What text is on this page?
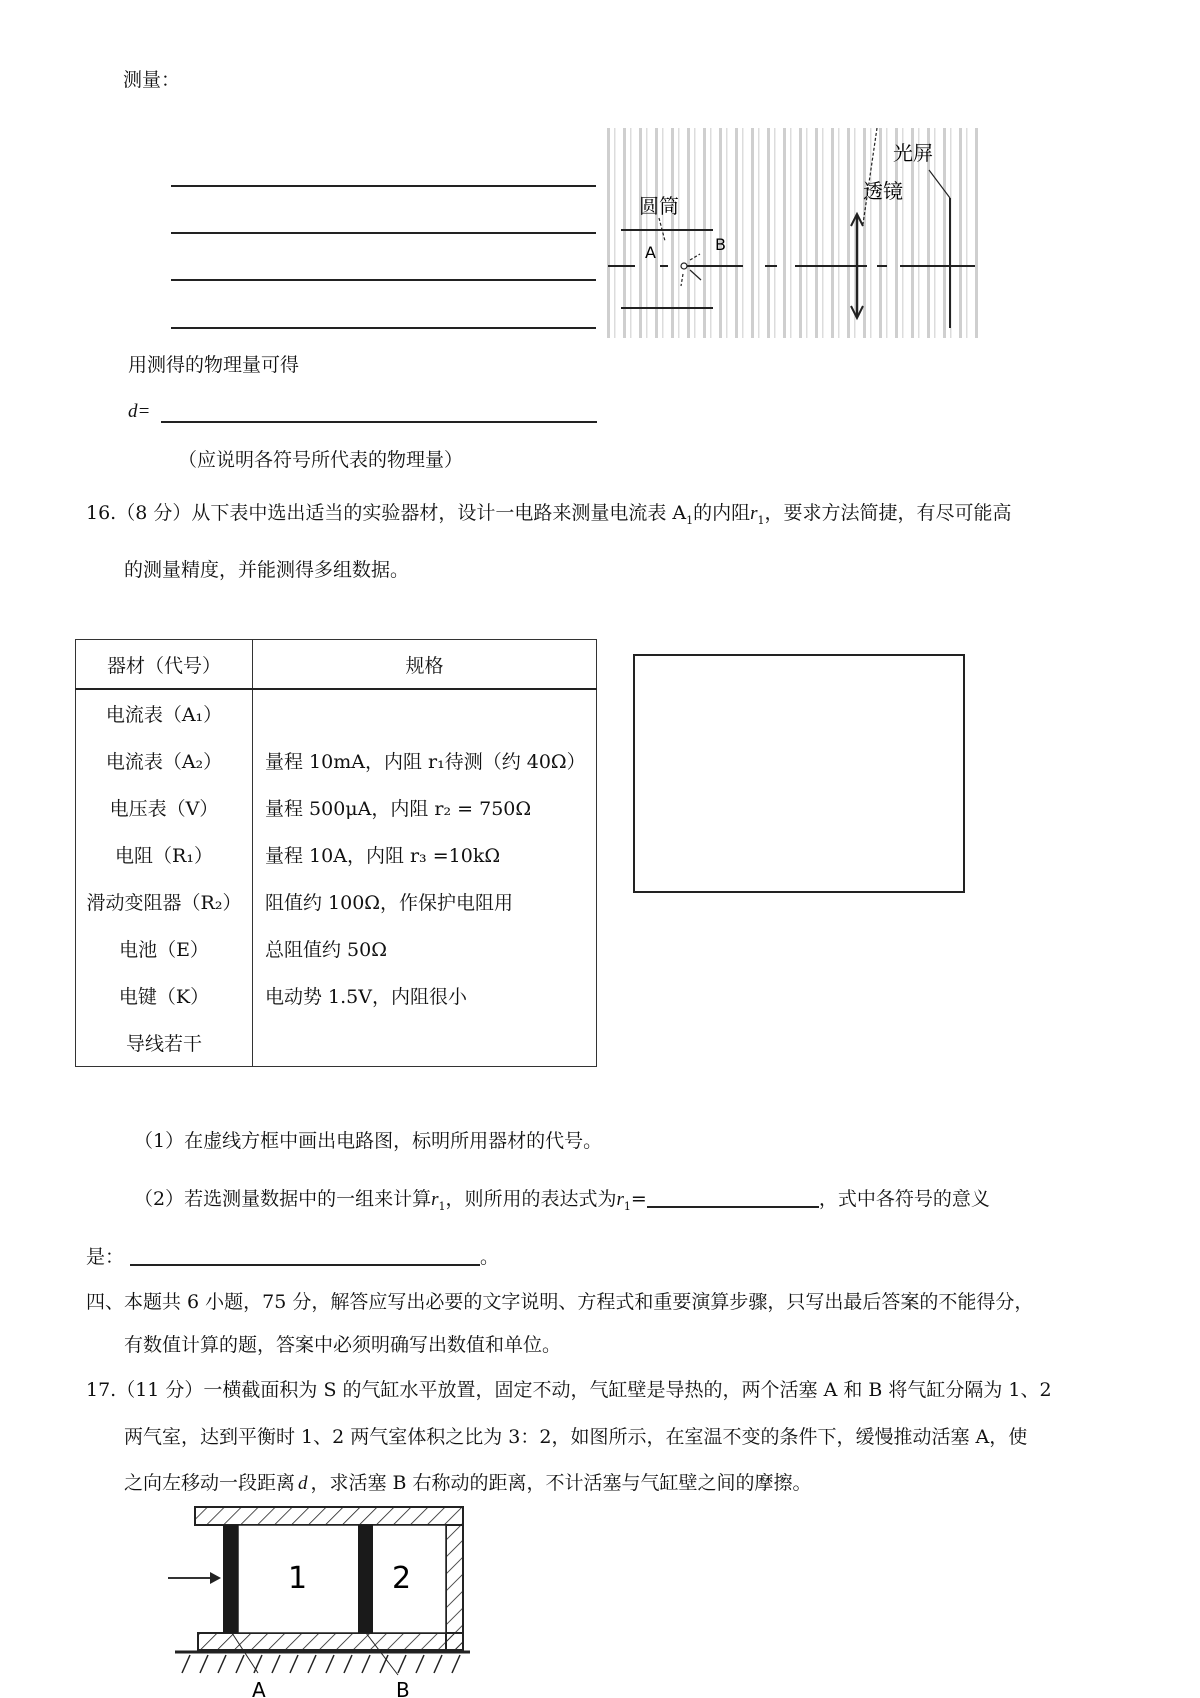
测量：
圆筒
透镜
光屏
A	B
用测得的物理量可得
d=
（应说明各符号所代表的物理量）
16.（8 分）从下表中选出适当的实验器材，设计一电路来测量电流表 $A_1$的内阻$r_1$，要求方法简捷，有尽可能高
的测量精度，并能测得多组数据。
器材（代号）	规格
电流表（A₁）	
电流表（A₂）	量程 10mA，内阻 r₁待测（约 40Ω）
电压表（V）	量程 500μA，内阻 r₂ = 750Ω
电阻（R₁）	量程 10A，内阻 r₃ =10kΩ
滑动变阻器（R₂）	阻值约 100Ω，作保护电阻用
电池（E）	总阻值约 50Ω
电键（K）	电动势 1.5V，内阻很小
导线若干	
（1）在虚线方框中画出电路图，标明所用器材的代号。
（2）若选测量数据中的一组来计算$r_1$，则所用的表达式为$r_1=$	，式中各符号的意义
是：	。
四、本题共 6 小题，75 分，解答应写出必要的文字说明、方程式和重要演算步骤，只写出最后答案的不能得分，
有数值计算的题，答案中必须明确写出数值和单位。
17.（11 分）一横截面积为 S 的气缸水平放置，固定不动，气缸壁是导热的，两个活塞 A 和 B 将气缸分隔为 1、2
两气室，达到平衡时 1、2 两气室体积之比为 3：2，如图所示，在室温不变的条件下，缓慢推动活塞 A，使
之向左移动一段距离 d ，求活塞 B 右称动的距离，不计活塞与气缸壁之间的摩擦。
1	2
A	B
